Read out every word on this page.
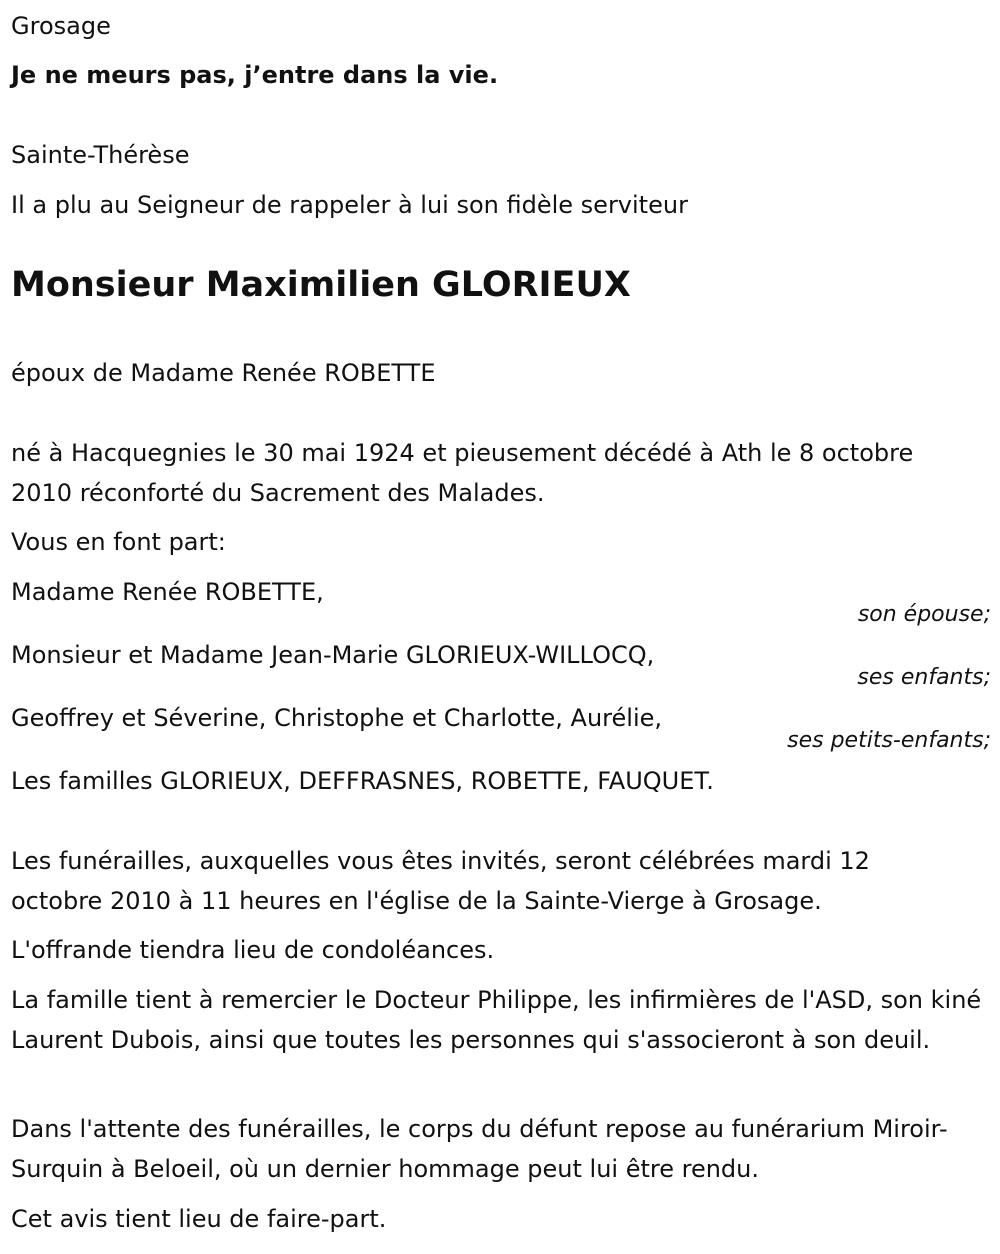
Grosage

Je ne meurs pas, j’entre dans la vie.

Sainte-Thérèse

Il a plu au Seigneur de rappeler à lui son fidèle serviteur

Monsieur Maximilien GLORIEUX

époux de Madame Renée ROBETTE

né à Hacquegnies le 30 mai 1924 et pieusement décédé à Ath le 8 octobre 2010 réconforté du Sacrement des Malades.

Vous en font part:

Madame Renée ROBETTE,

son épouse;

Monsieur et Madame Jean-Marie GLORIEUX-WILLOCQ,

ses enfants;

Geoffrey et Séverine, Christophe et Charlotte, Aurélie,

ses petits-enfants;

Les familles GLORIEUX, DEFFRASNES, ROBETTE, FAUQUET.

Les funérailles, auxquelles vous êtes invités, seront célébrées mardi 12 octobre 2010 à 11 heures en l'église de la Sainte-Vierge à Grosage.

L'offrande tiendra lieu de condoléances.

La famille tient à remercier le Docteur Philippe, les infirmières de l'ASD, son kiné Laurent Dubois, ainsi que toutes les personnes qui s'associeront à son deuil.

Dans l'attente des funérailles, le corps du défunt repose au funérarium Miroir-Surquin à Beloeil, où un dernier hommage peut lui être rendu.

Cet avis tient lieu de faire-part.
